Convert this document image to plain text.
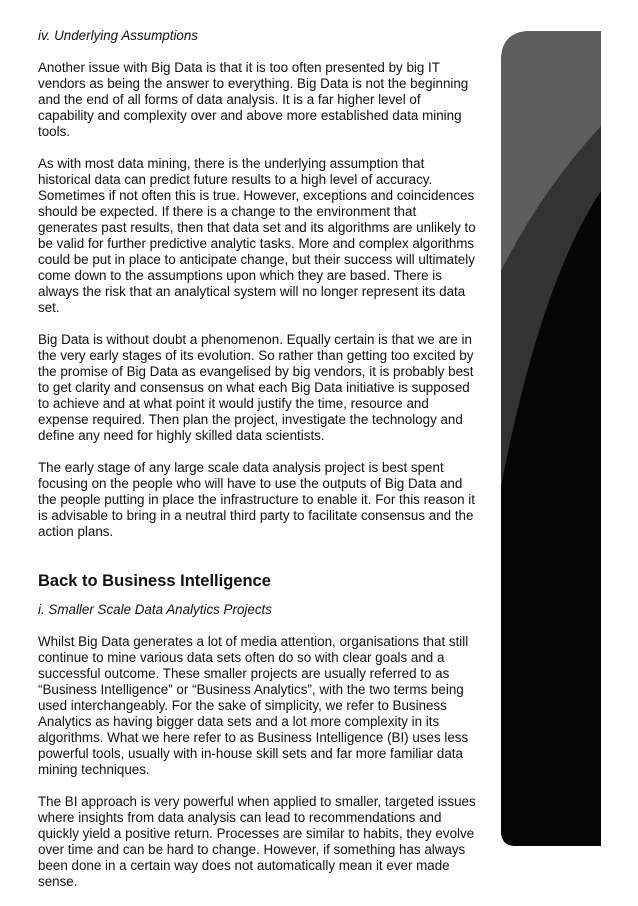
iv. Underlying Assumptions

Another issue with Big Data is that it is too often presented by big IT vendors as being the answer to everything. Big Data is not the beginning and the end of all forms of data analysis. It is a far higher level of capability and complexity over and above more established data mining tools.

As with most data mining, there is the underlying assumption that historical data can predict future results to a high level of accuracy. Sometimes if not often this is true. However, exceptions and coincidences should be expected. If there is a change to the environment that generates past results, then that data set and its algorithms are unlikely to be valid for further predictive analytic tasks. More and complex algorithms could be put in place to anticipate change, but their success will ultimately come down to the assumptions upon which they are based. There is always the risk that an analytical system will no longer represent its data set.

Big Data is without doubt a phenomenon. Equally certain is that we are in the very early stages of its evolution. So rather than getting too excited by the promise of Big Data as evangelised by big vendors, it is probably best to get clarity and consensus on what each Big Data initiative is supposed to achieve and at what point it would justify the time, resource and expense required. Then plan the project, investigate the technology and define any need for highly skilled data scientists.

The early stage of any large scale data analysis project is best spent focusing on the people who will have to use the outputs of Big Data and the people putting in place the infrastructure to enable it. For this reason it is advisable to bring in a neutral third party to facilitate consensus and the action plans.

Back to Business Intelligence

i. Smaller Scale Data Analytics Projects

Whilst Big Data generates a lot of media attention, organisations that still continue to mine various data sets often do so with clear goals and a successful outcome. These smaller projects are usually referred to as “Business Intelligence” or “Business Analytics”, with the two terms being used interchangeably. For the sake of simplicity, we refer to Business Analytics as having bigger data sets and a lot more complexity in its algorithms. What we here refer to as Business Intelligence (BI) uses less powerful tools, usually with in-house skill sets and far more familiar data mining techniques.

The BI approach is very powerful when applied to smaller, targeted issues where insights from data analysis can lead to recommendations and quickly yield a positive return. Processes are similar to habits, they evolve over time and can be hard to change. However, if something has always been done in a certain way does not automatically mean it ever made sense.
